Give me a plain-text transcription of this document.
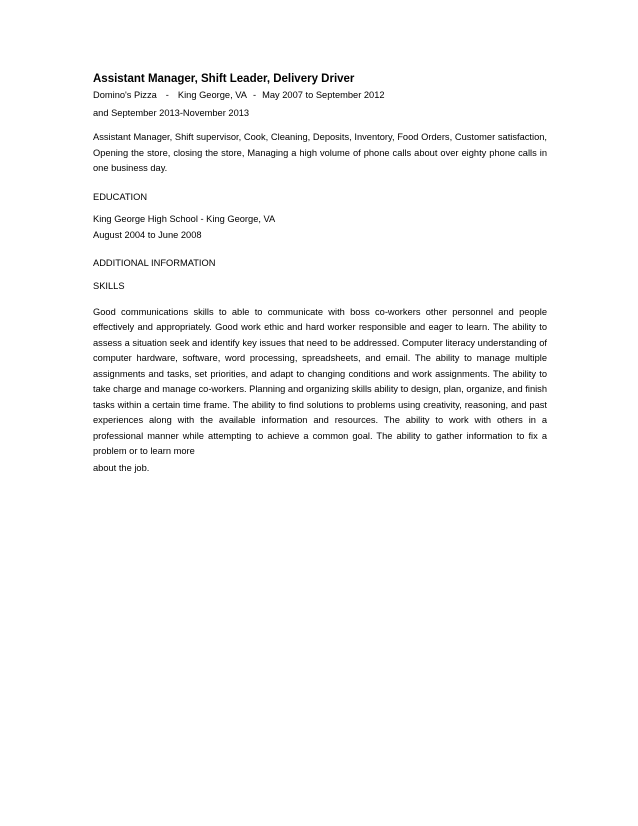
Assistant Manager, Shift Leader, Delivery Driver

Domino's Pizza - King George, VA - May 2007 to September 2012
and September 2013-November 2013

Assistant Manager, Shift supervisor, Cook, Cleaning, Deposits, Inventory, Food Orders, Customer satisfaction, Opening the store, closing the store, Managing a high volume of phone calls about over eighty phone calls in one business day.

EDUCATION

King George High School - King George, VA
August 2004 to June 2008

ADDITIONAL INFORMATION

SKILLS

Good communications skills to able to communicate with boss co-workers other personnel and people effectively and appropriately. Good work ethic and hard worker responsible and eager to learn. The ability to assess a situation seek and identify key issues that need to be addressed. Computer literacy understanding of computer hardware, software, word processing, spreadsheets, and email. The ability to manage multiple assignments and tasks, set priorities, and adapt to changing conditions and work assignments. The ability to take charge and manage co-workers. Planning and organizing skills ability to design, plan, organize, and finish tasks within a certain time frame. The ability to find solutions to problems using creativity, reasoning, and past experiences along with the available information and resources. The ability to work with others in a professional manner while attempting to achieve a common goal. The ability to gather information to fix a problem or to learn more

about the job.
